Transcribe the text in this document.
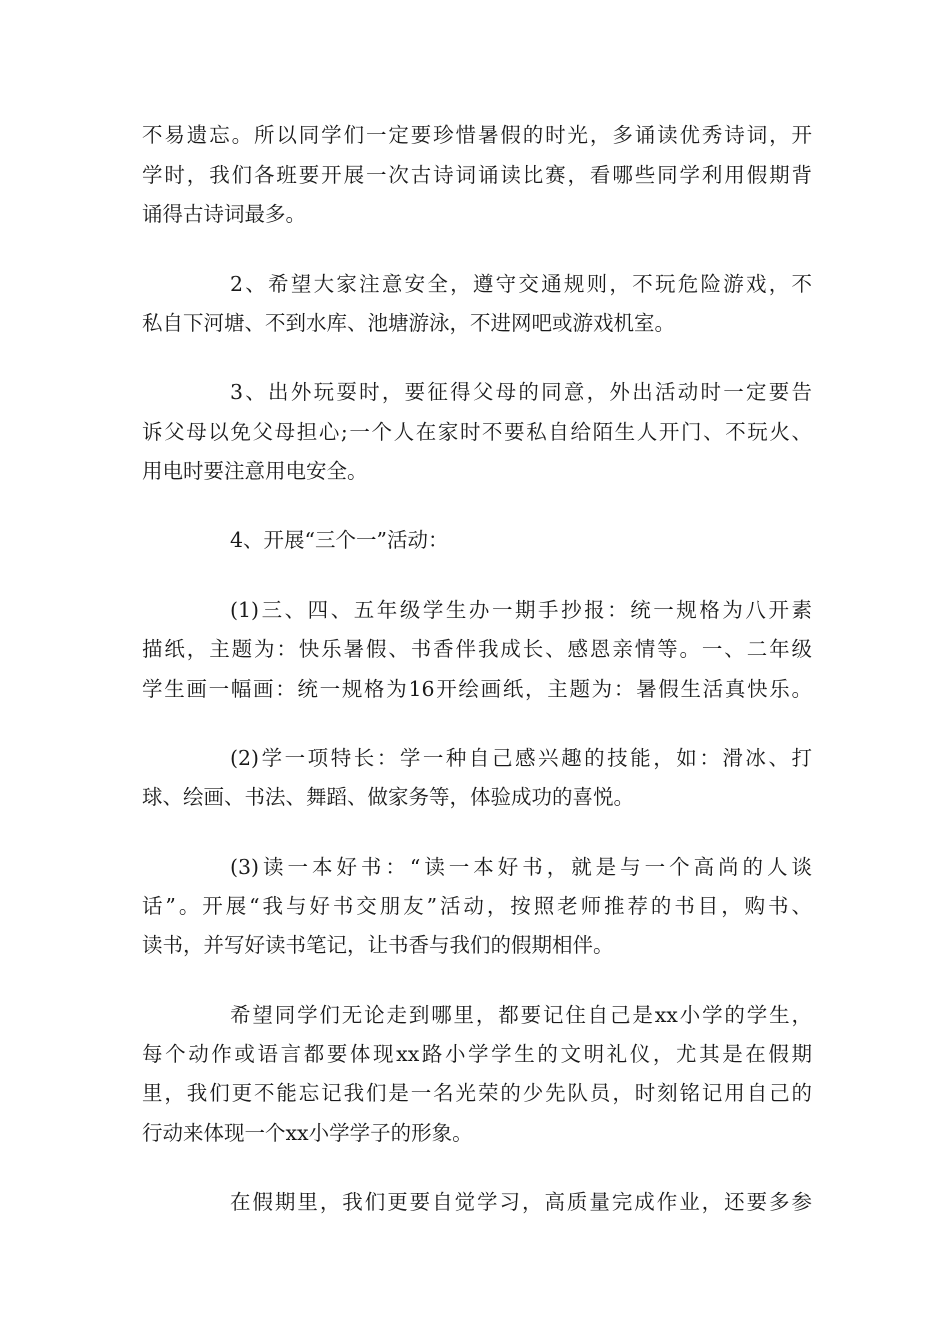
不易遗忘。所以同学们一定要珍惜暑假的时光，多诵读优秀诗词，开
学时，我们各班要开展一次古诗词诵读比赛，看哪些同学利用假期背
诵得古诗词最多。
2、希望大家注意安全，遵守交通规则，不玩危险游戏，不
私自下河塘、不到水库、池塘游泳，不进网吧或游戏机室。
3、出外玩耍时，要征得父母的同意，外出活动时一定要告
诉父母以免父母担心;一个人在家时不要私自给陌生人开门、不玩火、
用电时要注意用电安全。
4、开展“三个一”活动：
(1)三、四、五年级学生办一期手抄报：统一规格为八开素
描纸，主题为：快乐暑假、书香伴我成长、感恩亲情等。一、二年级
学生画一幅画：统一规格为16开绘画纸，主题为：暑假生活真快乐。
(2)学一项特长：学一种自己感兴趣的技能，如：滑冰、打
球、绘画、书法、舞蹈、做家务等，体验成功的喜悦。
(3)读一本好书：“读一本好书，就是与一个高尚的人谈
话”。开展“我与好书交朋友”活动，按照老师推荐的书目，购书、
读书，并写好读书笔记，让书香与我们的假期相伴。
希望同学们无论走到哪里，都要记住自己是xx小学的学生，
每个动作或语言都要体现xx路小学学生的文明礼仪，尤其是在假期
里，我们更不能忘记我们是一名光荣的少先队员，时刻铭记用自己的
行动来体现一个xx小学学子的形象。
在假期里，我们更要自觉学习，高质量完成作业，还要多参
